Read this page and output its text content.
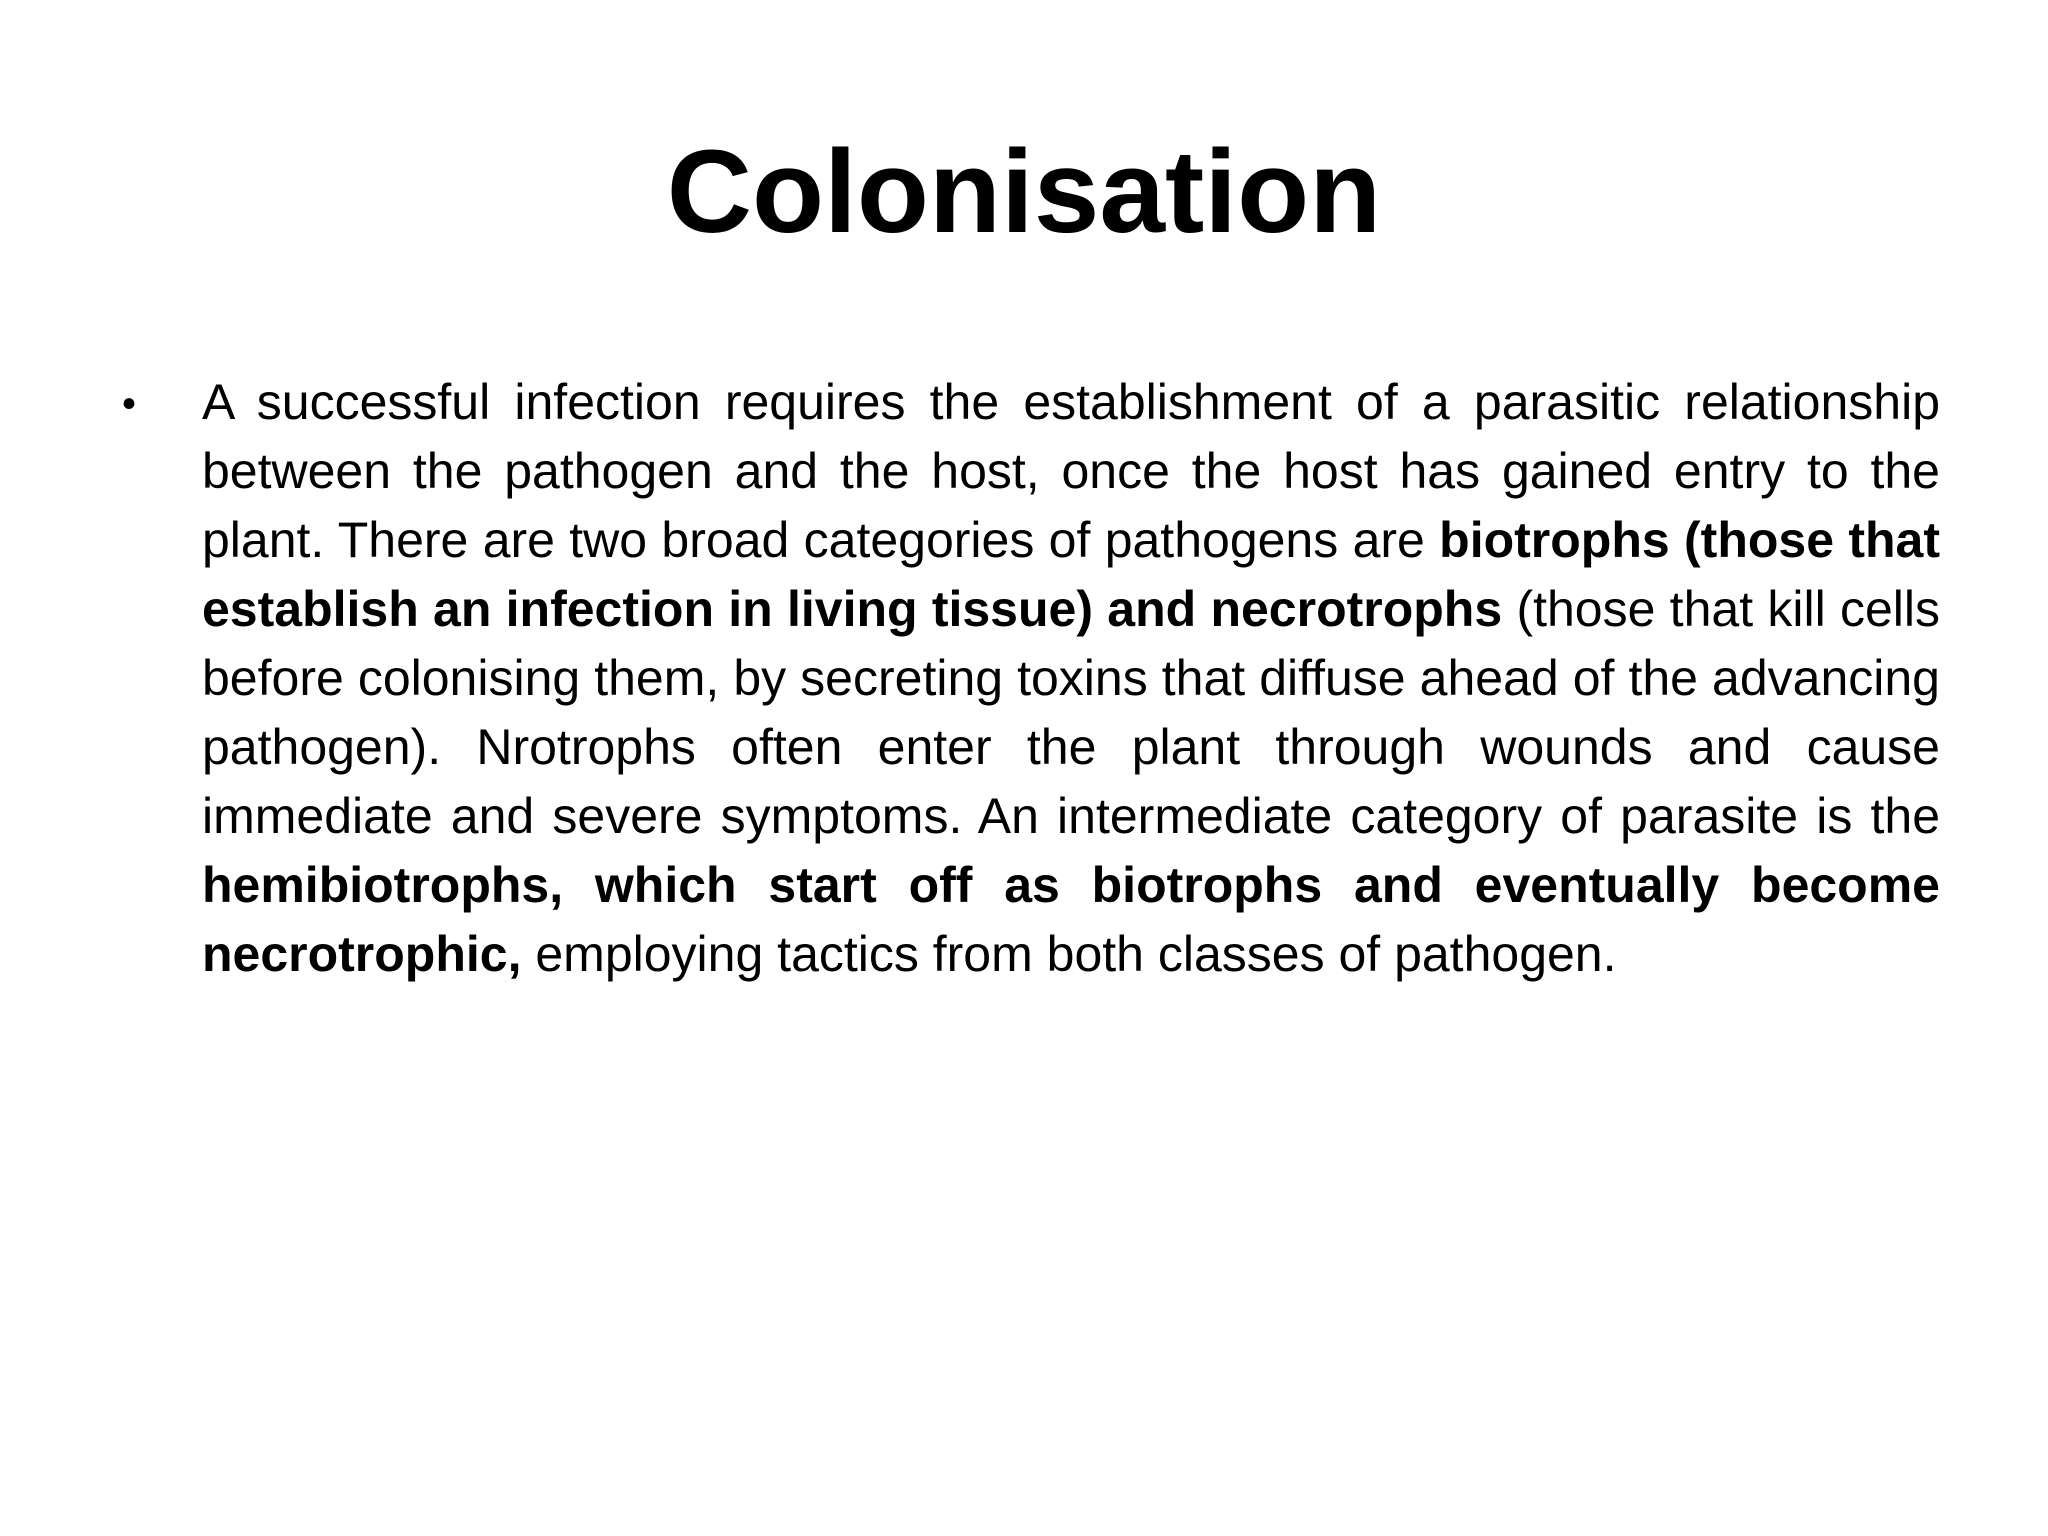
Colonisation
•	A successful infection requires the establishment of a parasitic relationship between the pathogen and the host, once the host has gained entry to the plant. There are two broad categories of pathogens are biotrophs (those that establish an infection in living tissue) and necrotrophs (those that kill cells before colonising them, by secreting toxins that diffuse ahead of the advancing pathogen). Nrotrophs often enter the plant through wounds and cause immediate and severe symptoms. An intermediate category of parasite is the hemibiotrophs, which start off as biotrophs and eventually become necrotrophic, employing tactics from both classes of pathogen.
